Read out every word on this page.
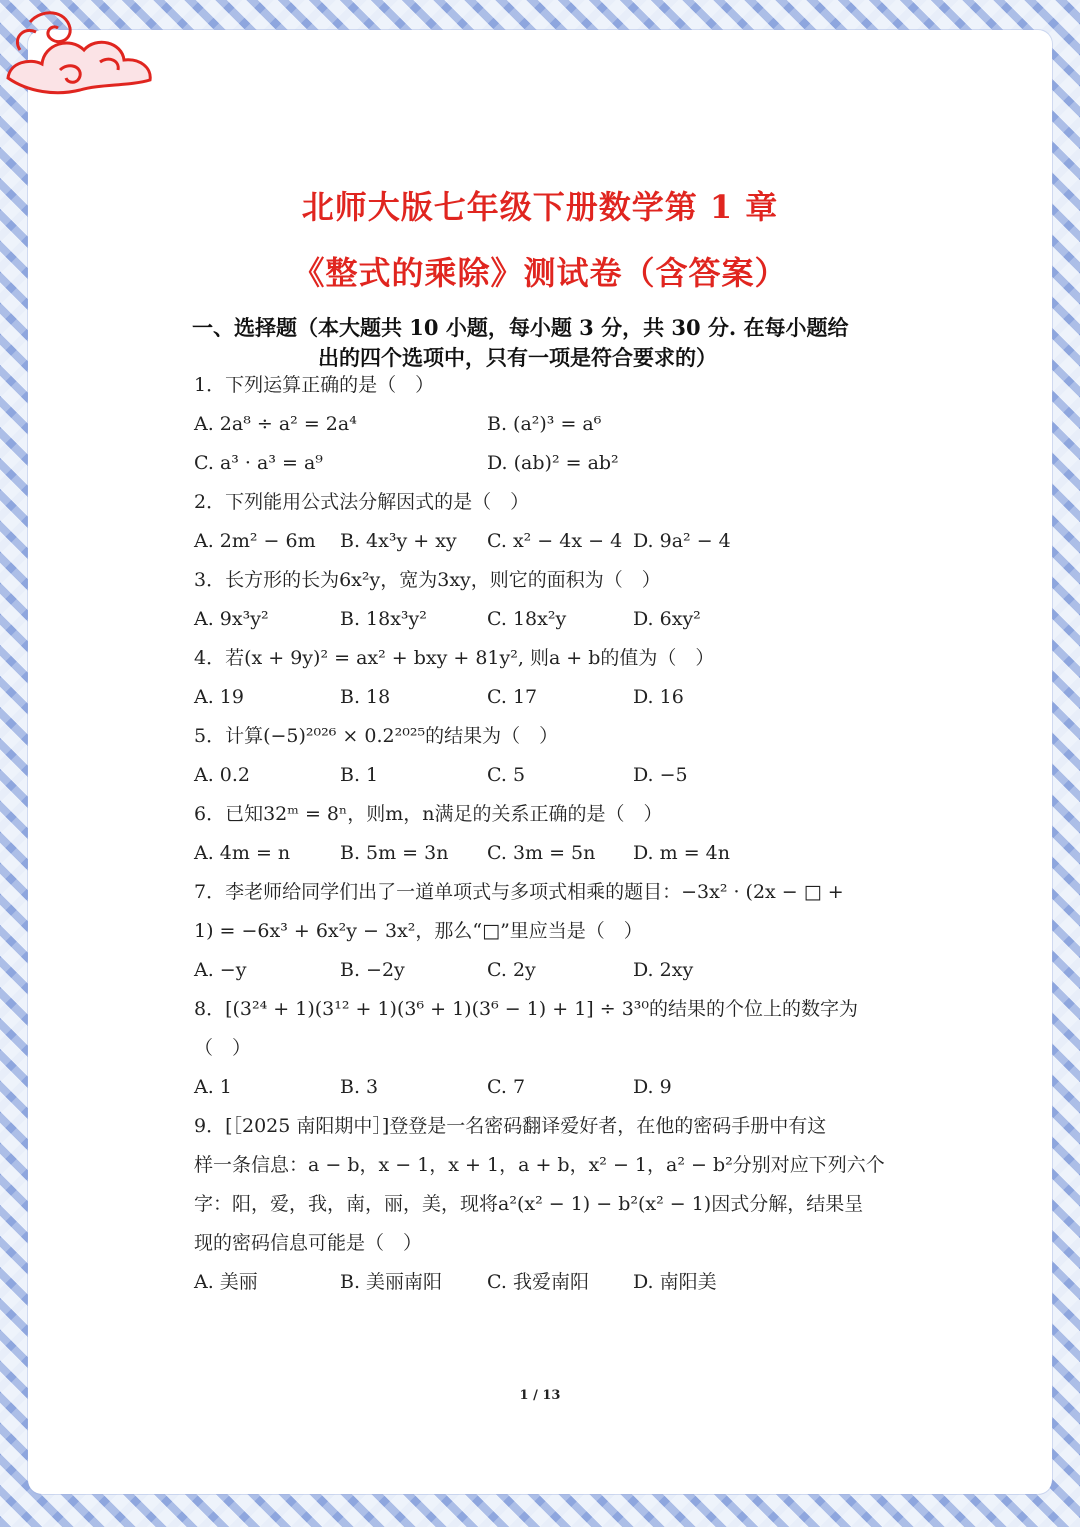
北师大版七年级下册数学第 1 章
《整式的乘除》测试卷（含答案）
一、选择题（本大题共 10 小题，每小题 3 分，共 30 分. 在每小题给
出的四个选项中，只有一项是符合要求的）
1．下列运算正确的是（　）
A. 2a⁸ ÷ a² = 2a⁴	B. (a²)³ = a⁶
C. a³ · a³ = a⁹	D. (ab)² = ab²
2．下列能用公式法分解因式的是（　）
A. 2m² − 6m B. 4x³y + xy C. x² − 4x − 4 D. 9a² − 4
3．长方形的长为6x²y，宽为3xy，则它的面积为（　）
A. 9x³y²	B. 18x³y²	C. 18x²y	D. 6xy²
4．若(x + 9y)² = ax² + bxy + 81y², 则a + b的值为（　）
A. 19	B. 18	C. 17	D. 16
5．计算(−5)²⁰²⁶ × 0.2²⁰²⁵的结果为（　）
A. 0.2	B. 1	C. 5	D. −5
6．已知32ᵐ = 8ⁿ，则m，n满足的关系正确的是（　）
A. 4m = n	B. 5m = 3n C. 3m = 5n D. m = 4n
7．李老师给同学们出了一道单项式与多项式相乘的题目：−3x² · (2x − □ +
1) = −6x³ + 6x²y − 3x²，那么“□”里应当是（　）
A. −y	B. −2y	C. 2y	D. 2xy
8．[(3²⁴ + 1)(3¹² + 1)(3⁶ + 1)(3⁶ − 1) + 1] ÷ 3³⁰的结果的个位上的数字为
（　）
A. 1	B. 3	C. 7	D. 9
9．[［2025 南阳期中］]登登是一名密码翻译爱好者，在他的密码手册中有这
样一条信息：a − b，x − 1，x + 1，a + b，x² − 1，a² − b²分别对应下列六个
字：阳，爱，我，南，丽，美，现将a²(x² − 1) − b²(x² − 1)因式分解，结果呈
现的密码信息可能是（　）
A. 美丽	B. 美丽南阳 C. 我爱南阳 D. 南阳美
1 / 13
